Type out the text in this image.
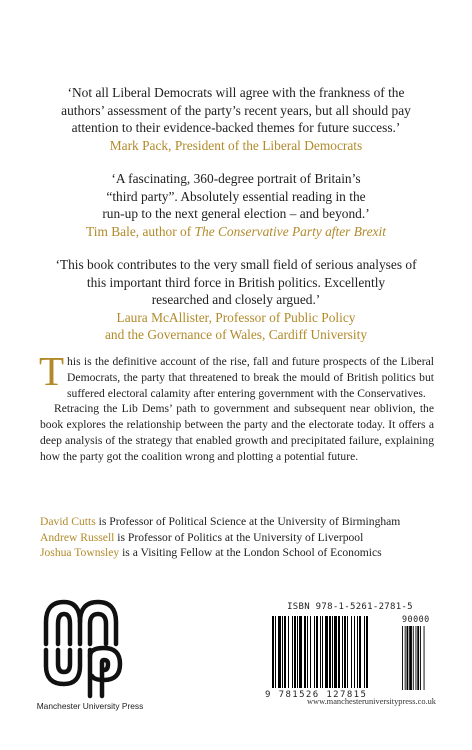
‘Not all Liberal Democrats will agree with the frankness of the

authors’ assessment of the party’s recent years, but all should pay

attention to their evidence-backed themes for future success.’

Mark Pack, President of the Liberal Democrats

‘A fascinating, 360-degree portrait of Britain’s

“third party”. Absolutely essential reading in the

run-up to the next general election – and beyond.’

Tim Bale, author of The Conservative Party after Brexit

‘This book contributes to the very small field of serious analyses of

this important third force in British politics. Excellently

researched and closely argued.’

Laura McAllister, Professor of Public Policy

and the Governance of Wales, Cardiff University

This is the definitive account of the rise, fall and future prospects of the Liberal Democrats, the party that threatened to break the mould of British politics but suffered electoral calamity after entering government with the Conservatives.

Retracing the Lib Dems’ path to government and subsequent near oblivion, the book explores the relationship between the party and the electorate today. It offers a deep analysis of the strategy that enabled growth and precipitated failure, explaining how the party got the coalition wrong and plotting a potential future.

David Cutts is Professor of Political Science at the University of Birmingham
Andrew Russell is Professor of Politics at the University of Liverpool
Joshua Townsley is a Visiting Fellow at the London School of Economics
Manchester University Press
ISBN 978-1-5261-2781-5
90000
9 781526 127815
www.manchesteruniversitypress.co.uk
